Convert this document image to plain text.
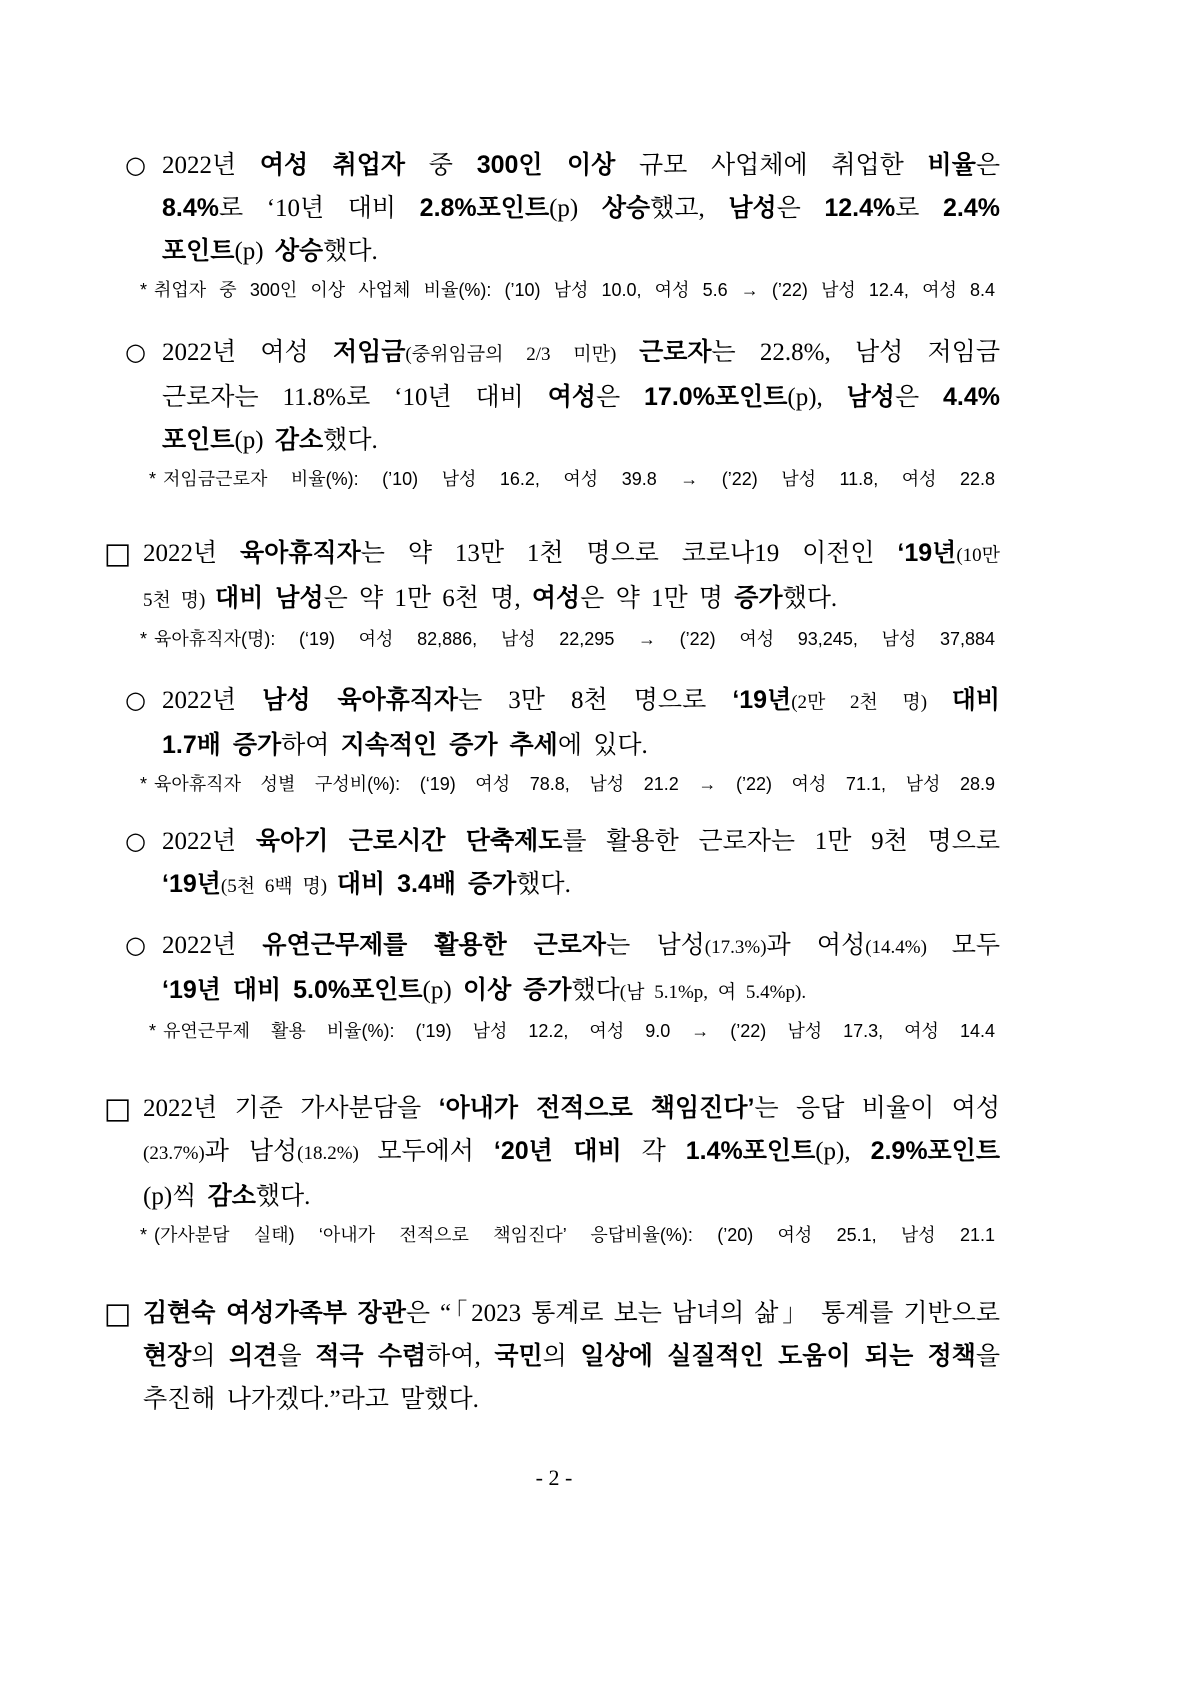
○ 2022년 여성 취업자 중 300인 이상 규모 사업체에 취업한 비율은
8.4%로 ‘10년 대비 2.8%포인트(p) 상승했고, 남성은 12.4%로 2.4%
포인트(p) 상승했다.
* 취업자 중 300인 이상 사업체 비율(%): (’10) 남성 10.0, 여성 5.6 → (’22) 남성 12.4, 여성 8.4
○ 2022년 여성 저임금(중위임금의 2/3 미만) 근로자는 22.8%, 남성 저임금
근로자는 11.8%로 ‘10년 대비 여성은 17.0%포인트(p), 남성은 4.4%
포인트(p) 감소했다.
* 저임금근로자 비율(%): (’10) 남성 16.2, 여성 39.8 → (’22) 남성 11.8, 여성 22.8
□ 2022년 육아휴직자는 약 13만 1천 명으로 코로나19 이전인 ‘19년(10만
5천 명) 대비 남성은 약 1만 6천 명, 여성은 약 1만 명 증가했다.
* 육아휴직자(명): (‘19) 여성 82,886, 남성 22,295 → (’22) 여성 93,245, 남성 37,884
○ 2022년 남성 육아휴직자는 3만 8천 명으로 ‘19년(2만 2천 명) 대비
1.7배 증가하여 지속적인 증가 추세에 있다.
* 육아휴직자 성별 구성비(%): (‘19) 여성 78.8, 남성 21.2 → (’22) 여성 71.1, 남성 28.9
○ 2022년 육아기 근로시간 단축제도를 활용한 근로자는 1만 9천 명으로
‘19년(5천 6백 명) 대비 3.4배 증가했다.
○ 2022년 유연근무제를 활용한 근로자는 남성(17.3%)과 여성(14.4%) 모두
‘19년 대비 5.0%포인트(p) 이상 증가했다(남 5.1%p, 여 5.4%p).
* 유연근무제 활용 비율(%): (’19) 남성 12.2, 여성 9.0 → (’22) 남성 17.3, 여성 14.4
□ 2022년 기준 가사분담을 ‘아내가 전적으로 책임진다’는 응답 비율이 여성
(23.7%)과 남성(18.2%) 모두에서 ‘20년 대비 각 1.4%포인트(p), 2.9%포인트
(p)씩 감소했다.
* (가사분담 실태) ‘아내가 전적으로 책임진다’ 응답비율(%): (’20) 여성 25.1, 남성 21.1
□ 김현숙 여성가족부 장관은 “「2023 통계로 보는 남녀의 삶」 통계를 기반으로
현장의 의견을 적극 수렴하여, 국민의 일상에 실질적인 도움이 되는 정책을
추진해 나가겠다.”라고 말했다.
- 2 -
